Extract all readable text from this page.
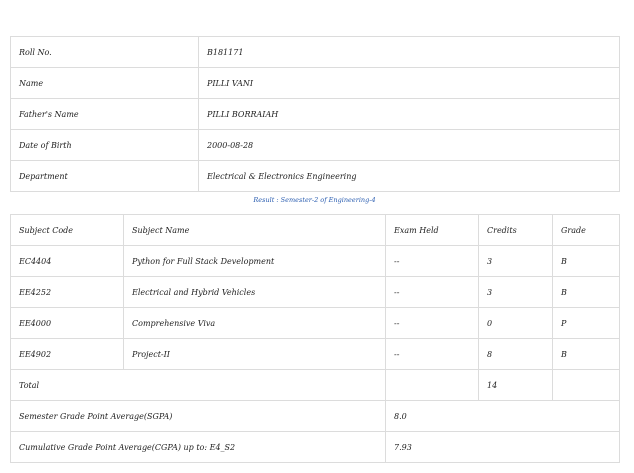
Roll No.	B181171
Name	PILLI VANI
Father's Name	PILLI BORRAIAH
Date of Birth	2000-08-28
Department	Electrical & Electronics Engineering
Result : Semester-2 of Engineering-4
Subject Code	Subject Name	Exam Held	Credits	Grade
EC4404	Python for Full Stack Development	--	3	B
EE4252	Electrical and Hybrid Vehicles	--	3	B
EE4000	Comprehensive Viva	--	0	P
EE4902	Project-II	--	8	B
Total			14	
Semester Grade Point Average(SGPA)		8.0		
Cumulative Grade Point Average(CGPA) up to: E4_S2		7.93		
